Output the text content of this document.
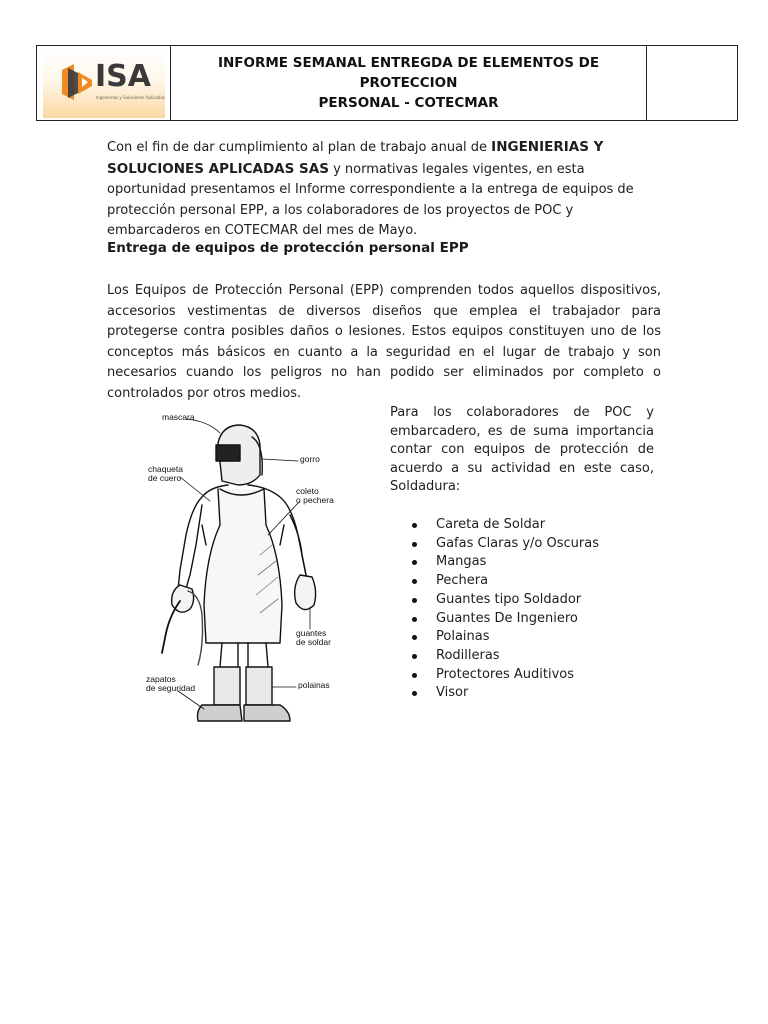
ISA
Ingenierías y Soluciones Aplicadas
INFORME SEMANAL ENTREGDA DE ELEMENTOS DE PROTECCION
PERSONAL - COTECMAR
Con el fin de dar cumplimiento al plan de trabajo anual de INGENIERIAS Y SOLUCIONES APLICADAS SAS y normativas legales vigentes, en esta oportunidad presentamos el Informe correspondiente a la entrega de equipos de protección personal EPP, a los colaboradores de los proyectos de POC y embarcaderos en COTECMAR del mes de Mayo.
Entrega de equipos de protección personal EPP
Los Equipos de Protección Personal (EPP) comprenden todos aquellos dispositivos, accesorios vestimentas de diversos diseños que emplea el trabajador para protegerse contra posibles daños o lesiones. Estos equipos constituyen uno de los conceptos más básicos en cuanto a la seguridad en el lugar de trabajo y son necesarios cuando los peligros no han podido ser eliminados por completo o controlados por otros medios.
mascara
chaqueta
de cuero
gorro
coleto
o pechera
guantes
de soldar
zapatos
de seguridad	polainas
Para los colaboradores de POC y embarcadero, es de suma importancia contar con equipos de protección de acuerdo a su actividad en este caso, Soldadura:
Careta de Soldar
Gafas Claras y/o Oscuras
Mangas
Pechera
Guantes tipo Soldador
Guantes De Ingeniero
Polainas
Rodilleras
Protectores Auditivos
Visor
